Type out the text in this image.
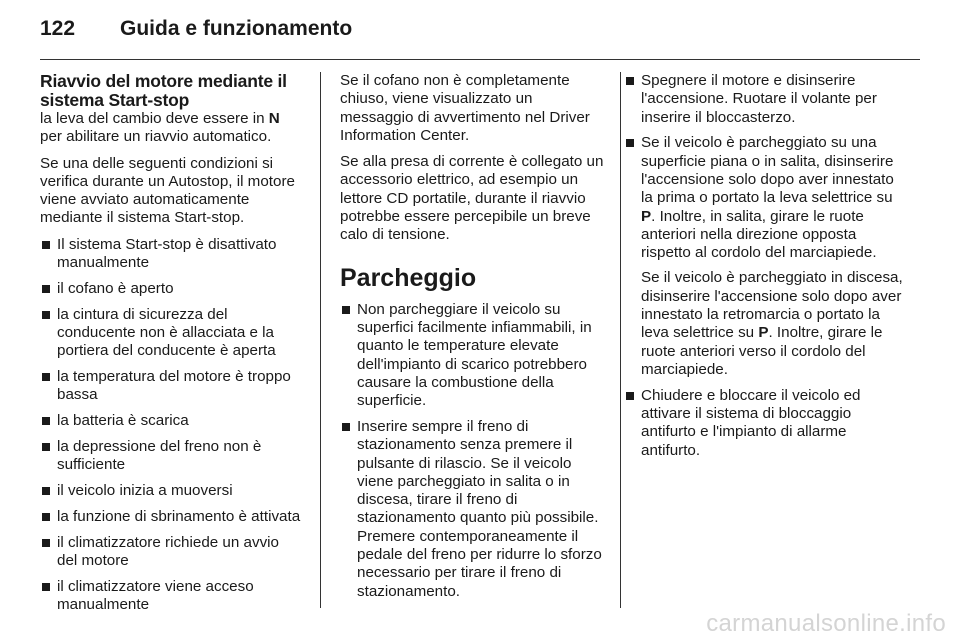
122 Guida e funzionamento
Riavvio del motore mediante il sistema Start-stop

la leva del cambio deve essere in N per abilitare un riavvio automatico.

Se una delle seguenti condizioni si verifica durante un Autostop, il motore viene avviato automaticamente mediante il sistema Start-stop.

Il sistema Start-stop è disattivato manualmente
il cofano è aperto
la cintura di sicurezza del conducente non è allacciata e la portiera del conducente è aperta
la temperatura del motore è troppo bassa
la batteria è scarica
la depressione del freno non è sufficiente
il veicolo inizia a muoversi
la funzione di sbrinamento è attivata
il climatizzatore richiede un avvio del motore
il climatizzatore viene acceso manualmente

Se il cofano non è completamente chiuso, viene visualizzato un messaggio di avvertimento nel Driver Information Center.

Se alla presa di corrente è collegato un accessorio elettrico, ad esempio un lettore CD portatile, durante il riavvio potrebbe essere percepibile un breve calo di tensione.

Parcheggio
Non parcheggiare il veicolo su superfici facilmente infiammabili, in quanto le temperature elevate dell'impianto di scarico potrebbero causare la combustione della superficie.
Inserire sempre il freno di stazionamento senza premere il pulsante di rilascio. Se il veicolo viene parcheggiato in salita o in discesa, tirare il freno di stazionamento quanto più possibile. Premere contemporaneamente il pedale del freno per ridurre lo sforzo necessario per tirare il freno di stazionamento.
Spegnere il motore e disinserire l'accensione. Ruotare il volante per inserire il bloccasterzo.
Se il veicolo è parcheggiato su una superficie piana o in salita, disinserire l'accensione solo dopo aver innestato la prima o portato la leva selettrice su P. Inoltre, in salita, girare le ruote anteriori nella direzione opposta rispetto al cordolo del marciapiede.

Se il veicolo è parcheggiato in discesa, disinserire l'accensione solo dopo aver innestato la retromarcia o portato la leva selettrice su P. Inoltre, girare le ruote anteriori verso il cordolo del marciapiede.

Chiudere e bloccare il veicolo ed attivare il sistema di bloccaggio antifurto e l'impianto di allarme antifurto.
carmanualsonline.info
